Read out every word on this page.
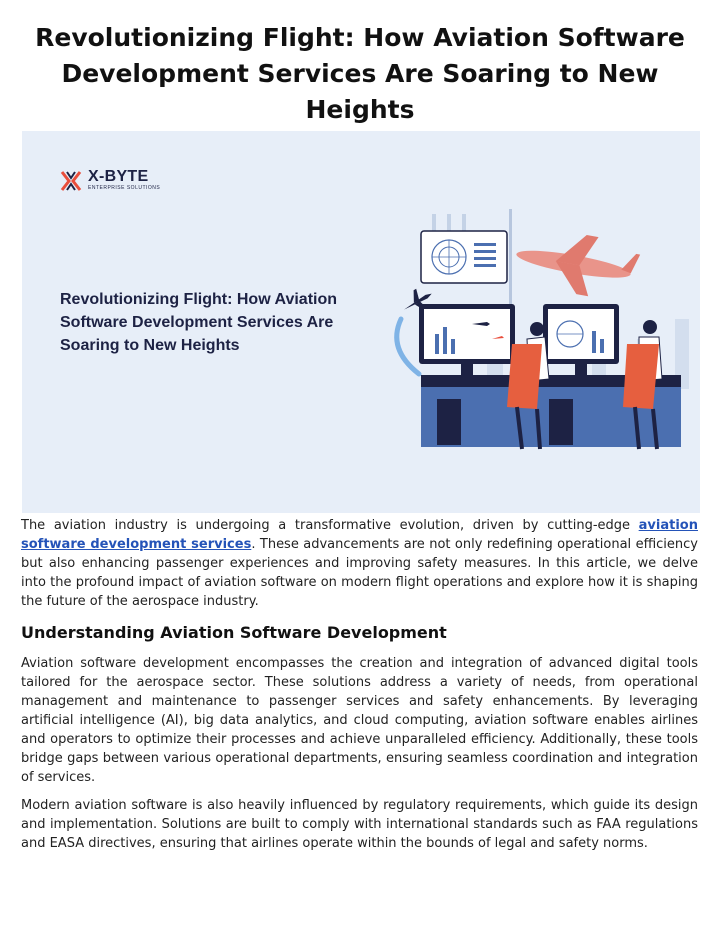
Revolutionizing Flight: How Aviation Software Development Services Are Soaring to New Heights
X-BYTE
ENTERPRISE SOLUTIONS
Revolutionizing Flight: How Aviation Software Development Services Are Soaring to New Heights

The aviation industry is undergoing a transformative evolution, driven by cutting-edge aviation software development services. These advancements are not only redefining operational efficiency but also enhancing passenger experiences and improving safety measures. In this article, we delve into the profound impact of aviation software on modern flight operations and explore how it is shaping the future of the aerospace industry.

Understanding Aviation Software Development

Aviation software development encompasses the creation and integration of advanced digital tools tailored for the aerospace sector. These solutions address a variety of needs, from operational management and maintenance to passenger services and safety enhancements. By leveraging artificial intelligence (AI), big data analytics, and cloud computing, aviation software enables airlines and operators to optimize their processes and achieve unparalleled efficiency. Additionally, these tools bridge gaps between various operational departments, ensuring seamless coordination and integration of services.

Modern aviation software is also heavily influenced by regulatory requirements, which guide its design and implementation. Solutions are built to comply with international standards such as FAA regulations and EASA directives, ensuring that airlines operate within the bounds of legal and safety norms.
